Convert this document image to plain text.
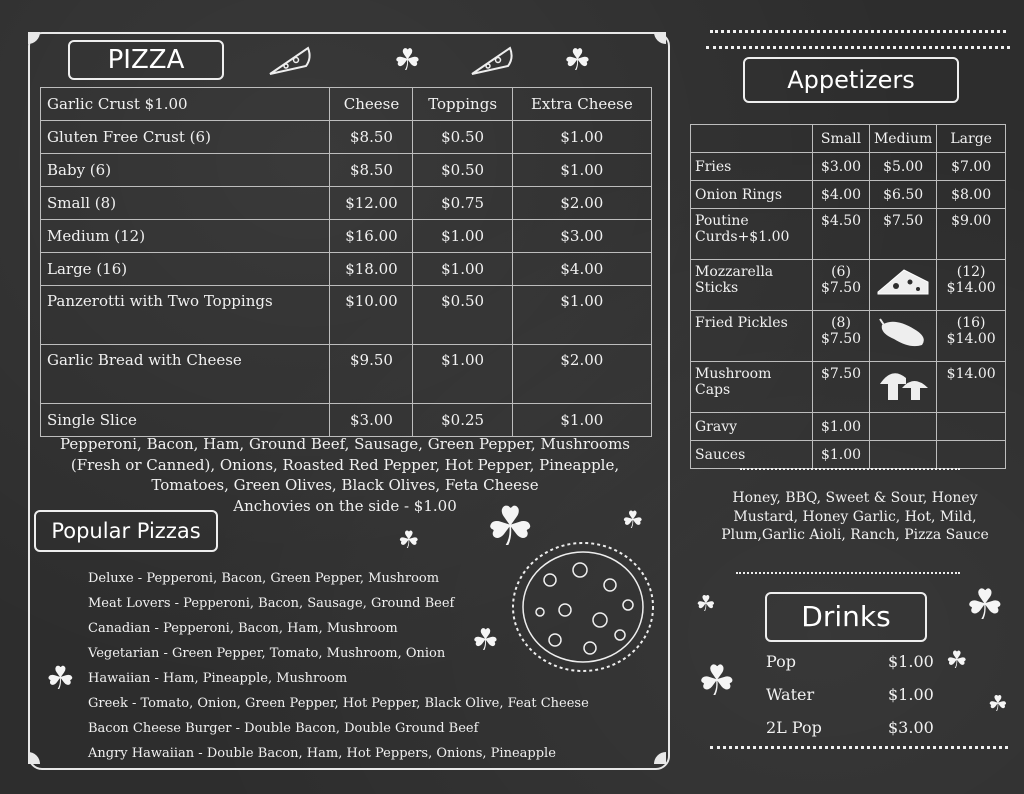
PIZZA	☘	☘
Garlic Crust $1.00	Cheese	Toppings	Extra Cheese
Gluten Free Crust (6)	$8.50	$0.50	$1.00
Baby (6)	$8.50	$0.50	$1.00
Small (8)	$12.00	$0.75	$2.00
Medium (12)	$16.00	$1.00	$3.00
Large (16)	$18.00	$1.00	$4.00
Panzerotti with Two Toppings	$10.00	$0.50	$1.00
Garlic Bread with Cheese	$9.50	$1.00	$2.00
Single Slice	$3.00	$0.25	$1.00
Pepperoni, Bacon, Ham, Ground Beef, Sausage, Green Pepper, Mushrooms (Fresh or Canned), Onions, Roasted Red Pepper, Hot Pepper, Pineapple, Tomatoes, Green Olives, Black Olives, Feta Cheese
Anchovies on the side - $1.00
Popular Pizzas
Deluxe - Pepperoni, Bacon, Green Pepper, Mushroom
Meat Lovers - Pepperoni, Bacon, Sausage, Ground Beef
Canadian - Pepperoni, Bacon, Ham, Mushroom
Vegetarian - Green Pepper, Tomato, Mushroom, Onion
Hawaiian - Ham, Pineapple, Mushroom
Greek - Tomato, Onion, Green Pepper, Hot Pepper, Black Olive, Feat Cheese
Bacon Cheese Burger - Double Bacon, Double Ground Beef
Angry Hawaiian - Double Bacon, Ham, Hot Peppers, Onions, Pineapple
☘	☘
☘
☘
☘
Appetizers
	Small	Medium	Large
Fries	$3.00	$5.00	$7.00
Onion Rings	$4.00	$6.50	$8.00
Poutine Curds+$1.00	$4.50	$7.50	$9.00
Mozzarella Sticks	(6) $7.50		(12) $14.00
Fried Pickles	(8) $7.50		(16) $14.00
Mushroom Caps	$7.50		$14.00
Gravy	$1.00		
Sauces	$1.00		
Honey, BBQ, Sweet & Sour, Honey Mustard, Honey Garlic, Hot, Mild, Plum,Garlic Aioli, Ranch, Pizza Sauce
Drinks
Pop	$1.00
Water	$1.00
2L Pop	$3.00
☘	☘
☘	☘
☘
